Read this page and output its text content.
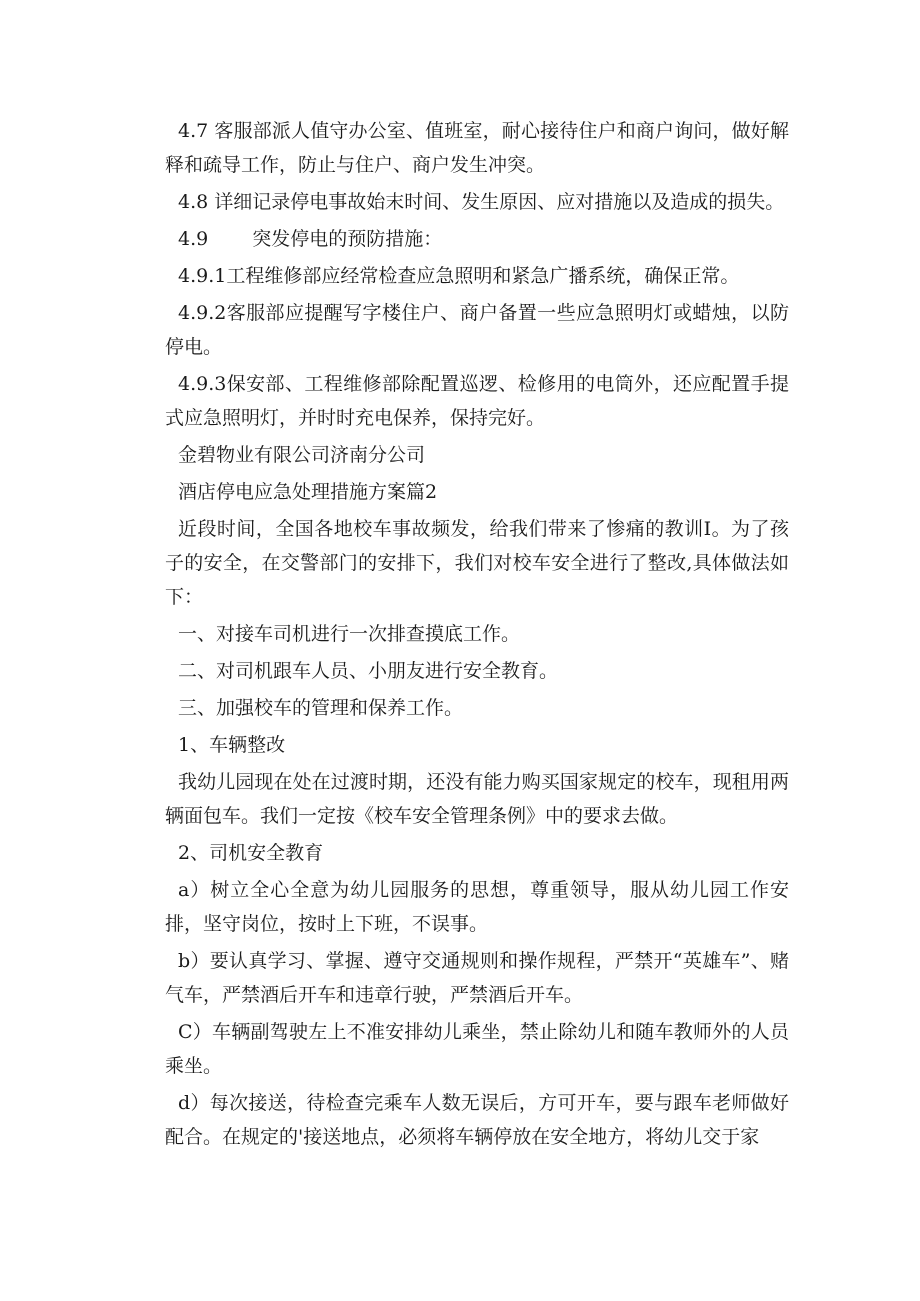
4.7 客服部派人值守办公室、值班室，耐心接待住户和商户询问，做好解释和疏导工作，防止与住户、商户发生冲突。

4.8 详细记录停电事故始末时间、发生原因、应对措施以及造成的损失。

4.9 突发停电的预防措施：

4.9.1工程维修部应经常检查应急照明和紧急广播系统，确保正常。

4.9.2客服部应提醒写字楼住户、商户备置一些应急照明灯或蜡烛，以防停电。

4.9.3保安部、工程维修部除配置巡逻、检修用的电筒外，还应配置手提式应急照明灯，并时时充电保养，保持完好。

金碧物业有限公司济南分公司

酒店停电应急处理措施方案篇2

近段时间，全国各地校车事故频发，给我们带来了惨痛的教训I。为了孩子的安全，在交警部门的安排下，我们对校车安全进行了整改,具体做法如下：

一、对接车司机进行一次排查摸底工作。

二、对司机跟车人员、小朋友进行安全教育。

三、加强校车的管理和保养工作。

1、车辆整改

我幼儿园现在处在过渡时期，还没有能力购买国家规定的校车，现租用两辆面包车。我们一定按《校车安全管理条例》中的要求去做。

2、司机安全教育

a）树立全心全意为幼儿园服务的思想，尊重领导，服从幼儿园工作安排，坚守岗位，按时上下班，不误事。

b）要认真学习、掌握、遵守交通规则和操作规程，严禁开“英雄车”、赌气车，严禁酒后开车和违章行驶，严禁酒后开车。

C）车辆副驾驶左上不准安排幼儿乘坐，禁止除幼儿和随车教师外的人员乘坐。

d）每次接送，待检查完乘车人数无误后，方可开车，要与跟车老师做好配合。在规定的'接送地点，必须将车辆停放在安全地方，将幼儿交于家
